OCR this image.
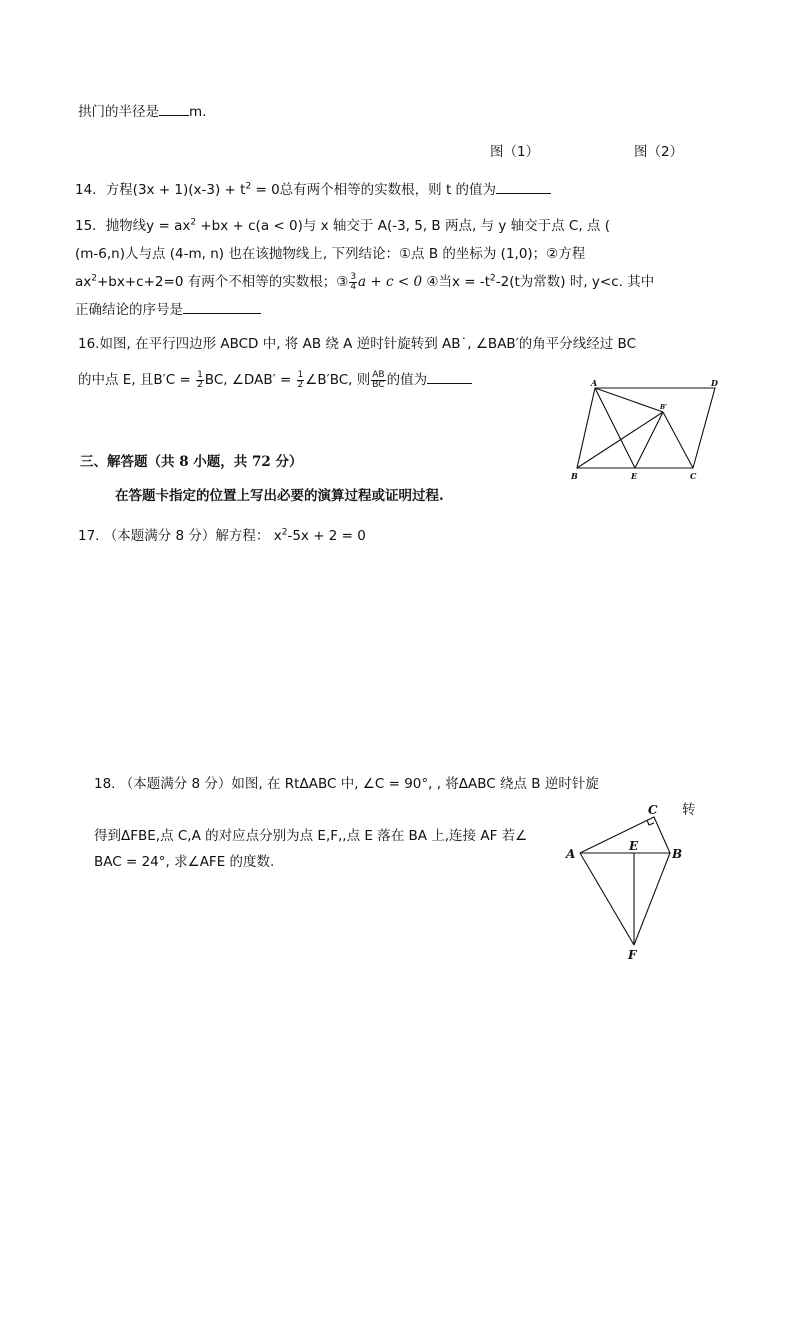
拱门的半径是 m.
图（1）	图（2）
14．方程$(3x + 1)(x-3) + t^2 = 0$总有两个相等的实数根，则 t 的值为
15．抛物线$y = ax^2 +bx + c(a < 0)$与 x 轴交于 A(-3, 5, B 两点, 与 y 轴交于点 C, 点 (
(m-6,n)人与点 (4-m, n) 也在该抛物线上, 下列结论：①点 B 的坐标为 (1,0)；②方程
$ax^2+bx+c+2=0$ 有两个不相等的实数根；③ $\frac{3}{4}$ a + c < 0 ④当$x = -t^2-2(t$为常数) 时, y<c. 其中
正确结论的序号是
16.如图, 在平行四边形 ABCD 中, 将 AB 绕 A 逆时针旋转到 AB˙, ∠BAB′的角平分线经过 BC
的中点 E, 且$B'C = \frac{1}{2}$ BC, ∠DAB′ = $\frac{1}{2}$ ∠B′BC, 则 $\frac{AB}{BC}$ 的值为	A	D
B	E	C
B'
三、解答题（共 8 小题，共 72 分）
在答题卡指定的位置上写出必要的演算过程或证明过程.
17. （本题满分 8 分）解方程： $x^2-5x + 2 = 0$
18. （本题满分 8 分）如图, 在 RtΔABC 中, ∠C = 90°, , 将ΔABC 绕点 B 逆时针旋
转
得到ΔFBE,点 C,A 的对应点分别为点 E,F,,点 E 落在 BA 上,连接 AF 若∠
BAC = 24°, 求∠AFE 的度数.	A	B
C
E
F
